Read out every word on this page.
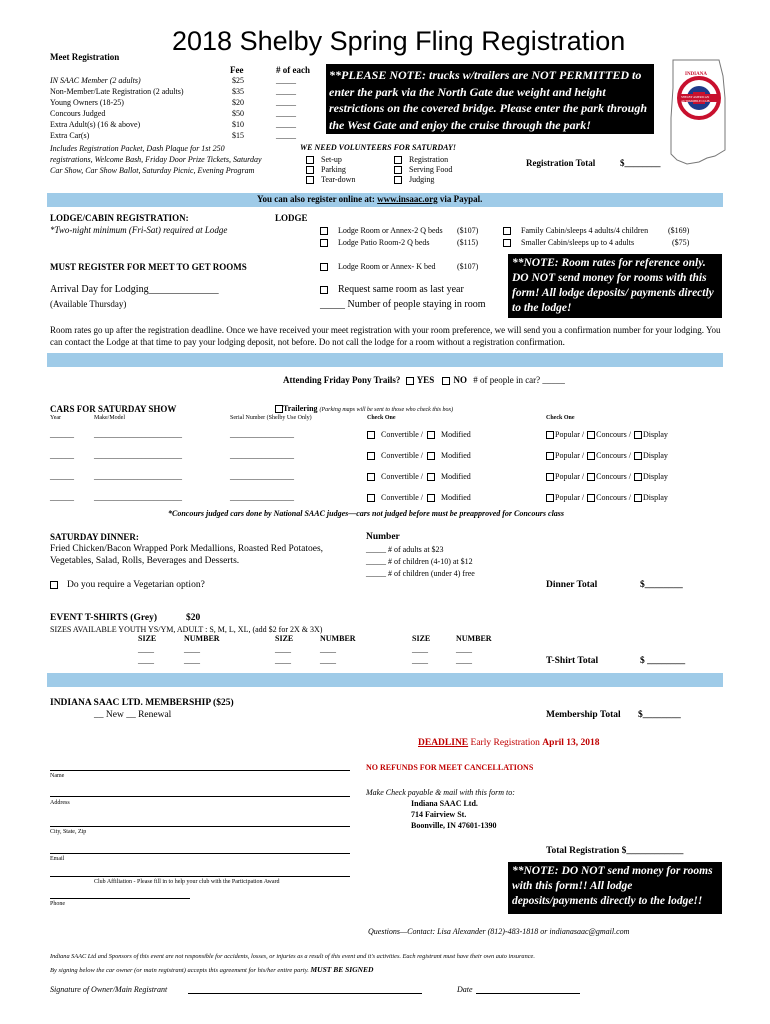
2018 Shelby Spring Fling Registration
INDIANA
SHELBY AMERICAN
AUTOMOBILE CLUB
Meet Registration
Fee	# of each
IN SAAC Member (2 adults)	$25	_____
Non-Member/Late Registration (2 adults)	$35	_____
Young Owners (18-25)	$20	_____
Concours Judged	$50	_____
Extra Adult(s) (16 & above)	$10	_____
Extra Car(s)	$15	_____
Includes Registration Packet, Dash Plaque for 1st 250 registrations, Welcome Bash, Friday Door Prize Tickets, Saturday Car Show, Car Show Ballot, Saturday Picnic, Evening Program
**PLEASE NOTE: trucks w/trailers are NOT PERMITTED to enter the park via the North Gate due weight and height restrictions on the covered bridge. Please enter the park through the West Gate and enjoy the cruise through the park!
WE NEED VOLUNTEERS FOR SATURDAY!
Set-up
Parking
Tear-down
Registration
Serving Food
Judging
Registration Total	$________
You can also register online at: www.insaac.org via Paypal.
LODGE/CABIN REGISTRATION:
*Two-night minimum (Fri-Sat) required at Lodge
LODGE
Lodge Room or Annex-2 Q beds ($107)
Lodge Patio Room-2 Q beds	($115)
Lodge Room or Annex- K bed	($107)
Family Cabin/sleeps 4 adults/4 children ($169)
Smaller Cabin/sleeps up to 4 adults	($75)
MUST REGISTER FOR MEET TO GET ROOMS
Arrival Day for Lodging______________
(Available Thursday)
Request same room as last year
_____ Number of people staying in room
**NOTE: Room rates for reference only. DO NOT send money for rooms with this form! All lodge deposits/ payments directly to the lodge!
Room rates go up after the registration deadline. Once we have received your meet registration with your room preference, we will send you a confirmation number for your lodging. You can contact the Lodge at that time to pay your lodging deposit, not before. Do not call the lodge for a room without a registration confirmation.
Attending Friday Pony Trails? YES NO # of people in car? _____
CARS FOR SATURDAY SHOW	Trailering (Parking maps will be sent to those who check this box)
Year	Make/Model	Serial Number (Shelby Use Only)	Check One	Check One
______	______________________	________________	Convertible / Modified	Popular / Concours / Display
______	______________________	________________	Convertible / Modified	Popular / Concours / Display
______	______________________	________________	Convertible / Modified	Popular / Concours / Display
______	______________________	________________	Convertible / Modified	Popular / Concours / Display
*Concours judged cars done by National SAAC judges—cars not judged before must be preapproved for Concours class
SATURDAY DINNER:
Fried Chicken/Bacon Wrapped Pork Medallions, Roasted Red Potatoes,
Vegetables, Salad, Rolls, Beverages and Desserts.
Number
_____ # of adults at $23
_____ # of children (4-10) at $12
_____ # of children (under 4) free
Do you require a Vegetarian option?	Dinner Total	$________
EVENT T-SHIRTS (Grey)	$20
SIZES AVAILABLE YOUTH YS/YM, ADULT : S, M, L, XL, (add $2 for 2X & 3X)
SIZE	NUMBER
____	____
____	____
SIZE	NUMBER
____	____
____	____
SIZE	NUMBER
____	____
____	____	T-Shirt Total	$ ________
INDIANA SAAC LTD. MEMBERSHIP ($25)
__ New __ Renewal	Membership Total $________
DEADLINE Early Registration April 13, 2018
Name
Address
City, State, Zip
Email
Club Affiliation - Please fill in to help your club with the Participation Award
Phone
NO REFUNDS FOR MEET CANCELLATIONS
Make Check payable & mail with this form to:
Indiana SAAC Ltd.
714 Fairview St.
Boonville, IN 47601-1390
Total Registration $____________
**NOTE: DO NOT send money for rooms with this form!! All lodge deposits/payments directly to the lodge!!
Questions—Contact: Lisa Alexander (812)-483-1818 or indianasaac@gmail.com
Indiana SAAC Ltd and Sponsors of this event are not responsible for accidents, losses, or injuries as a result of this event and it's activities. Each registrant must have their own auto insurance.
By signing below the car owner (or main registrant) accepts this agreement for his/her entire party. MUST BE SIGNED
Signature of Owner/Main Registrant	Date
